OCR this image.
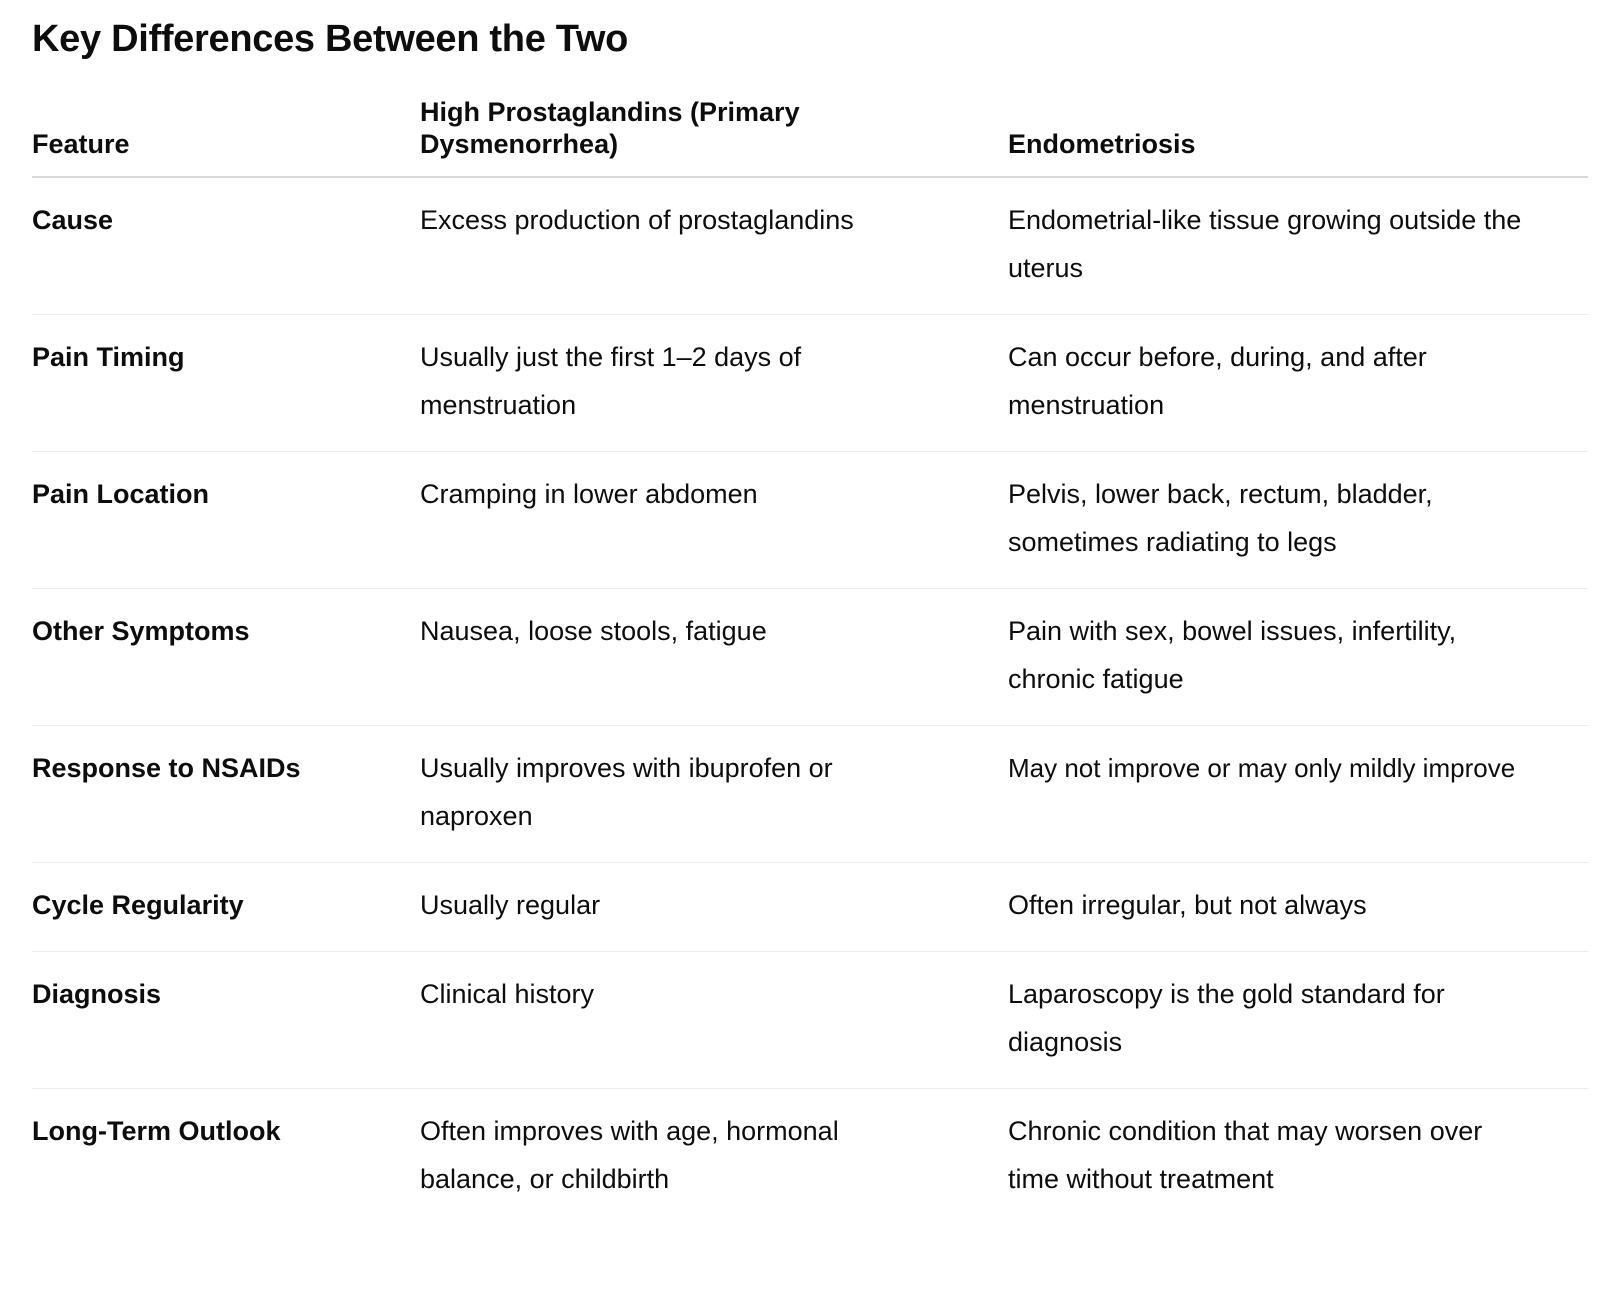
Key Differences Between the Two
Feature	High Prostaglandins (Primary Dysmenorrhea)	Endometriosis
Cause	Excess production of prostaglandins	Endometrial-like tissue growing outside the uterus
Pain Timing	Usually just the first 1–2 days of menstruation	Can occur before, during, and after menstruation
Pain Location	Cramping in lower abdomen	Pelvis, lower back, rectum, bladder, sometimes radiating to legs
Other Symptoms	Nausea, loose stools, fatigue	Pain with sex, bowel issues, infertility, chronic fatigue
Response to NSAIDs	Usually improves with ibuprofen or naproxen	May not improve or may only mildly improve
Cycle Regularity	Usually regular	Often irregular, but not always
Diagnosis	Clinical history	Laparoscopy is the gold standard for diagnosis
Long-Term Outlook	Often improves with age, hormonal balance, or childbirth	Chronic condition that may worsen over time without treatment
